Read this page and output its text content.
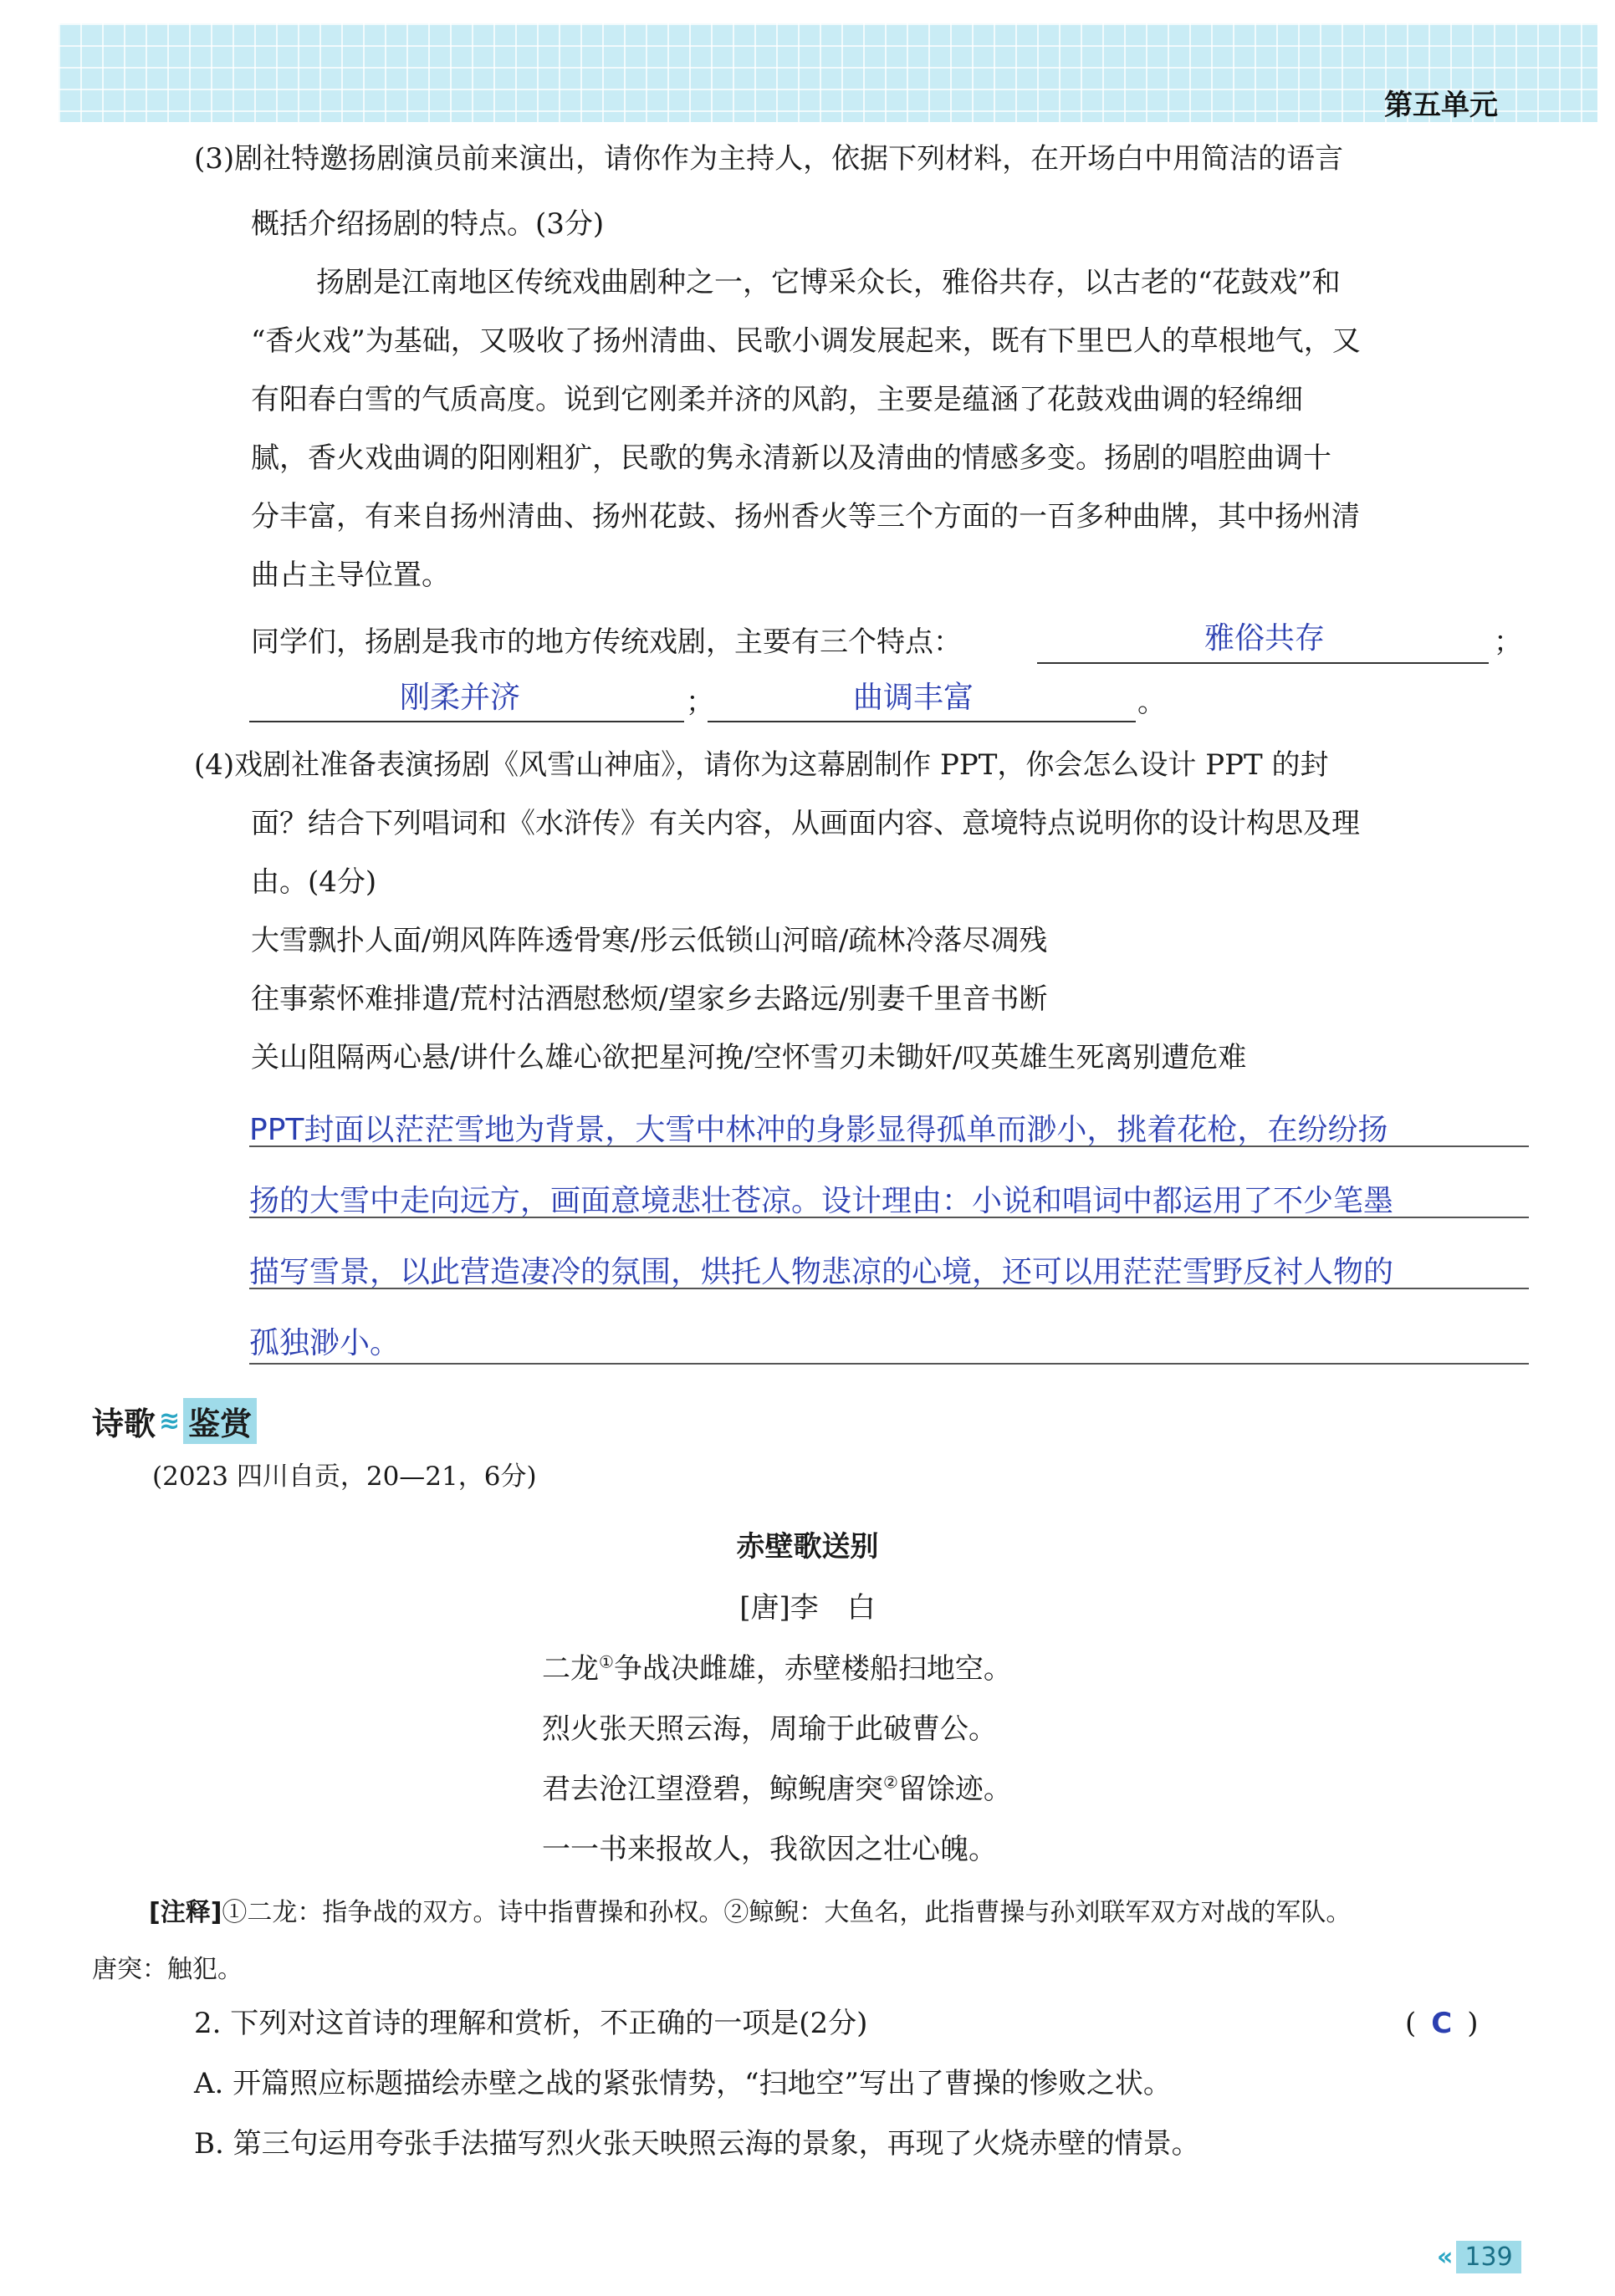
第五单元
(3)剧社特邀扬剧演员前来演出，请你作为主持人，依据下列材料，在开场白中用简洁的语言
概括介绍扬剧的特点。(3分)
扬剧是江南地区传统戏曲剧种之一，它博采众长，雅俗共存，以古老的“花鼓戏”和
“香火戏”为基础，又吸收了扬州清曲、民歌小调发展起来，既有下里巴人的草根地气，又
有阳春白雪的气质高度。说到它刚柔并济的风韵，主要是蕴涵了花鼓戏曲调的轻绵细
腻，香火戏曲调的阳刚粗犷，民歌的隽永清新以及清曲的情感多变。扬剧的唱腔曲调十
分丰富，有来自扬州清曲、扬州花鼓、扬州香火等三个方面的一百多种曲牌，其中扬州清
曲占主导位置。
同学们，扬剧是我市的地方传统戏剧，主要有三个特点：	雅俗共存	；
刚柔并济	；	曲调丰富	。
(4)戏剧社准备表演扬剧《风雪山神庙》，请你为这幕剧制作 PPT，你会怎么设计 PPT 的封
面？结合下列唱词和《水浒传》有关内容，从画面内容、意境特点说明你的设计构思及理
由。(4分)
大雪飘扑人面/朔风阵阵透骨寒/彤云低锁山河暗/疏林冷落尽凋残
往事萦怀难排遣/荒村沽酒慰愁烦/望家乡去路远/别妻千里音书断
关山阻隔两心悬/讲什么雄心欲把星河挽/空怀雪刃未锄奸/叹英雄生死离别遭危难
PPT封面以茫茫雪地为背景，大雪中林冲的身影显得孤单而渺小，挑着花枪，在纷纷扬
扬的大雪中走向远方，画面意境悲壮苍凉。设计理由：小说和唱词中都运用了不少笔墨
描写雪景，以此营造凄冷的氛围，烘托人物悲凉的心境，还可以用茫茫雪野反衬人物的
孤独渺小。
诗歌 ≋ 鉴赏
(2023 四川自贡，20—21，6分)
赤壁歌送别
[唐]李　白
二龙①争战决雌雄，赤壁楼船扫地空。
烈火张天照云海，周瑜于此破曹公。
君去沧江望澄碧，鲸鲵唐突②留馀迹。
一一书来报故人，我欲因之壮心魄。
[注释]①二龙：指争战的双方。诗中指曹操和孙权。②鲸鲵：大鱼名，此指曹操与孙刘联军双方对战的军队。
唐突：触犯。
2. 下列对这首诗的理解和赏析，不正确的一项是(2分)	( C )
A. 开篇照应标题描绘赤壁之战的紧张情势，“扫地空”写出了曹操的惨败之状。
B. 第三句运用夸张手法描写烈火张天映照云海的景象，再现了火烧赤壁的情景。
« 139
